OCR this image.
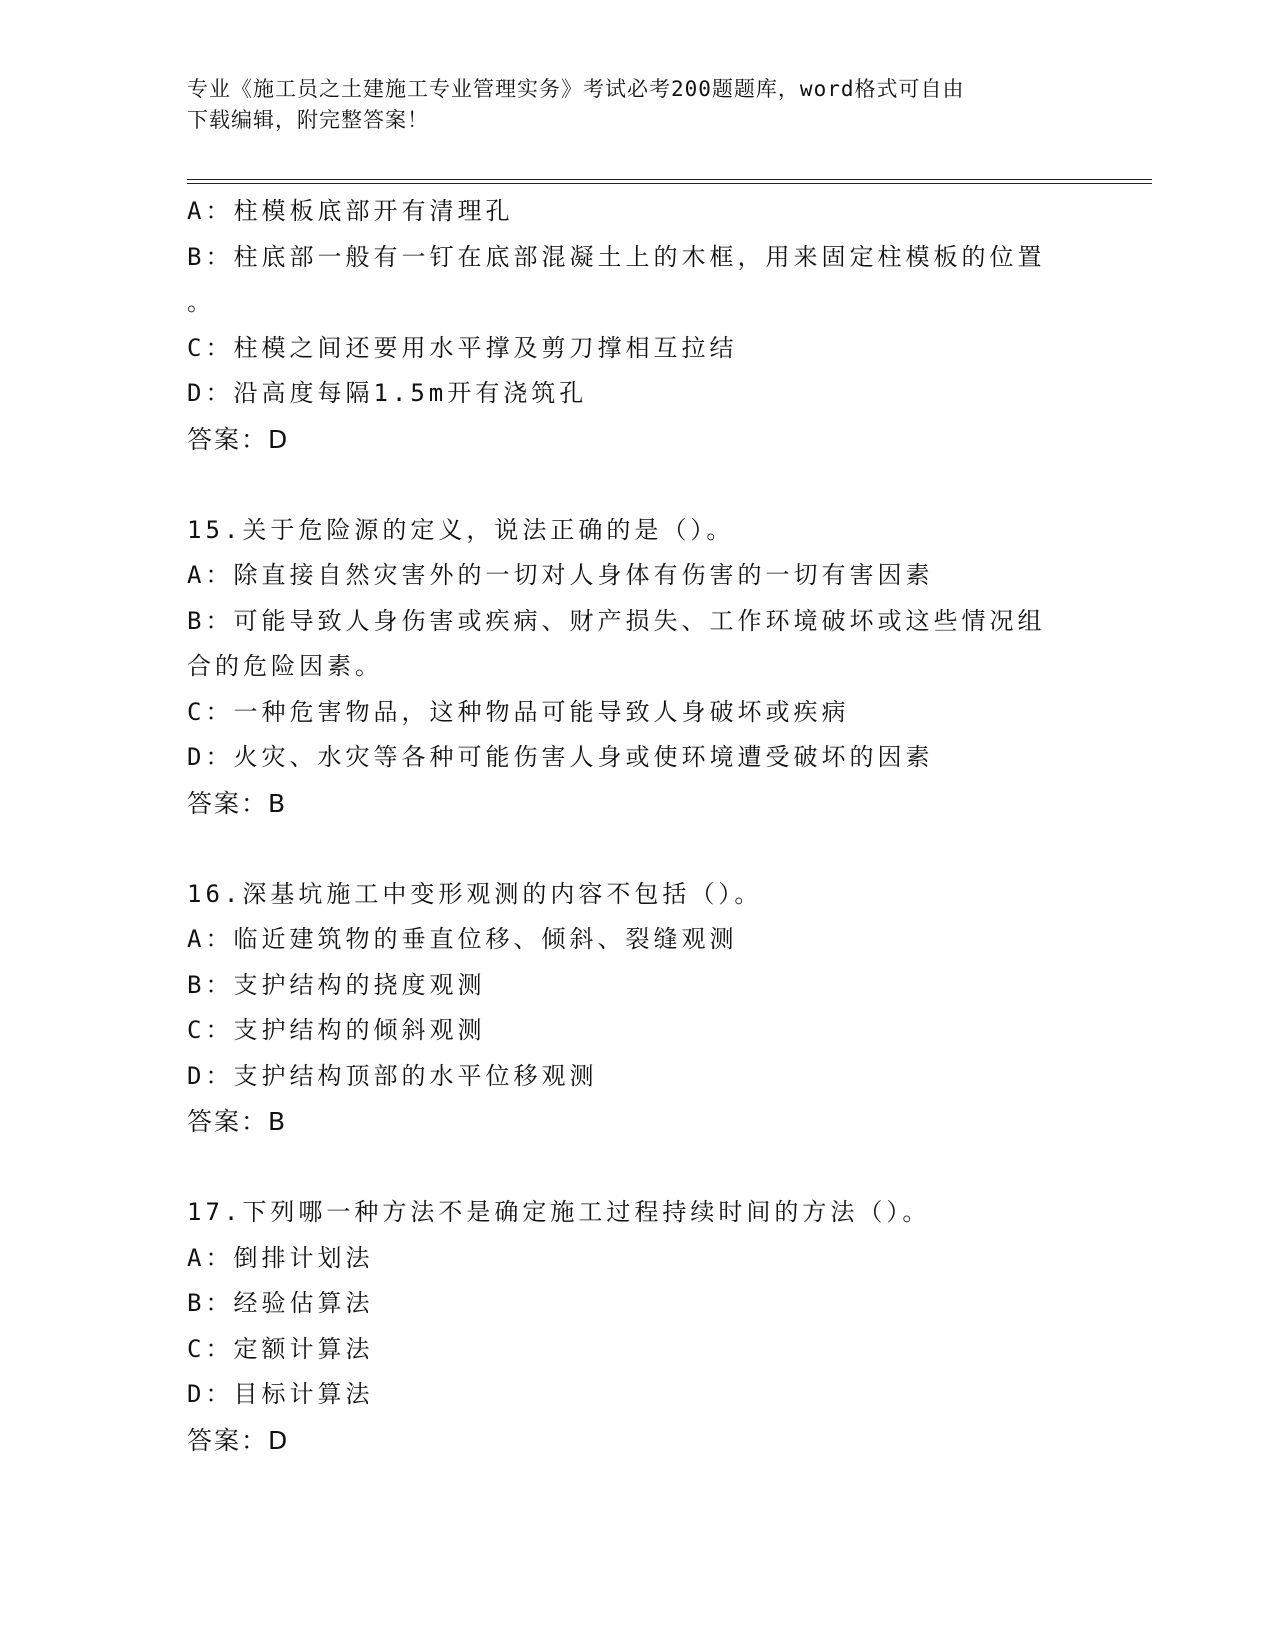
专业《施工员之土建施工专业管理实务》考试必考200题题库，word格式可自由
下载编辑，附完整答案！
A：柱模板底部开有清理孔
B：柱底部一般有一钉在底部混凝土上的木框，用来固定柱模板的位置
。
C：柱模之间还要用水平撑及剪刀撑相互拉结
D：沿高度每隔1.5m开有浇筑孔
答案：D
15.关于危险源的定义，说法正确的是（）。
A：除直接自然灾害外的一切对人身体有伤害的一切有害因素
B：可能导致人身伤害或疾病、财产损失、工作环境破坏或这些情况组
合的危险因素。
C：一种危害物品，这种物品可能导致人身破坏或疾病
D：火灾、水灾等各种可能伤害人身或使环境遭受破坏的因素
答案：B
16.深基坑施工中变形观测的内容不包括（）。
A：临近建筑物的垂直位移、倾斜、裂缝观测
B：支护结构的挠度观测
C：支护结构的倾斜观测
D：支护结构顶部的水平位移观测
答案：B
17.下列哪一种方法不是确定施工过程持续时间的方法（）。
A：倒排计划法
B：经验估算法
C：定额计算法
D：目标计算法
答案：D
